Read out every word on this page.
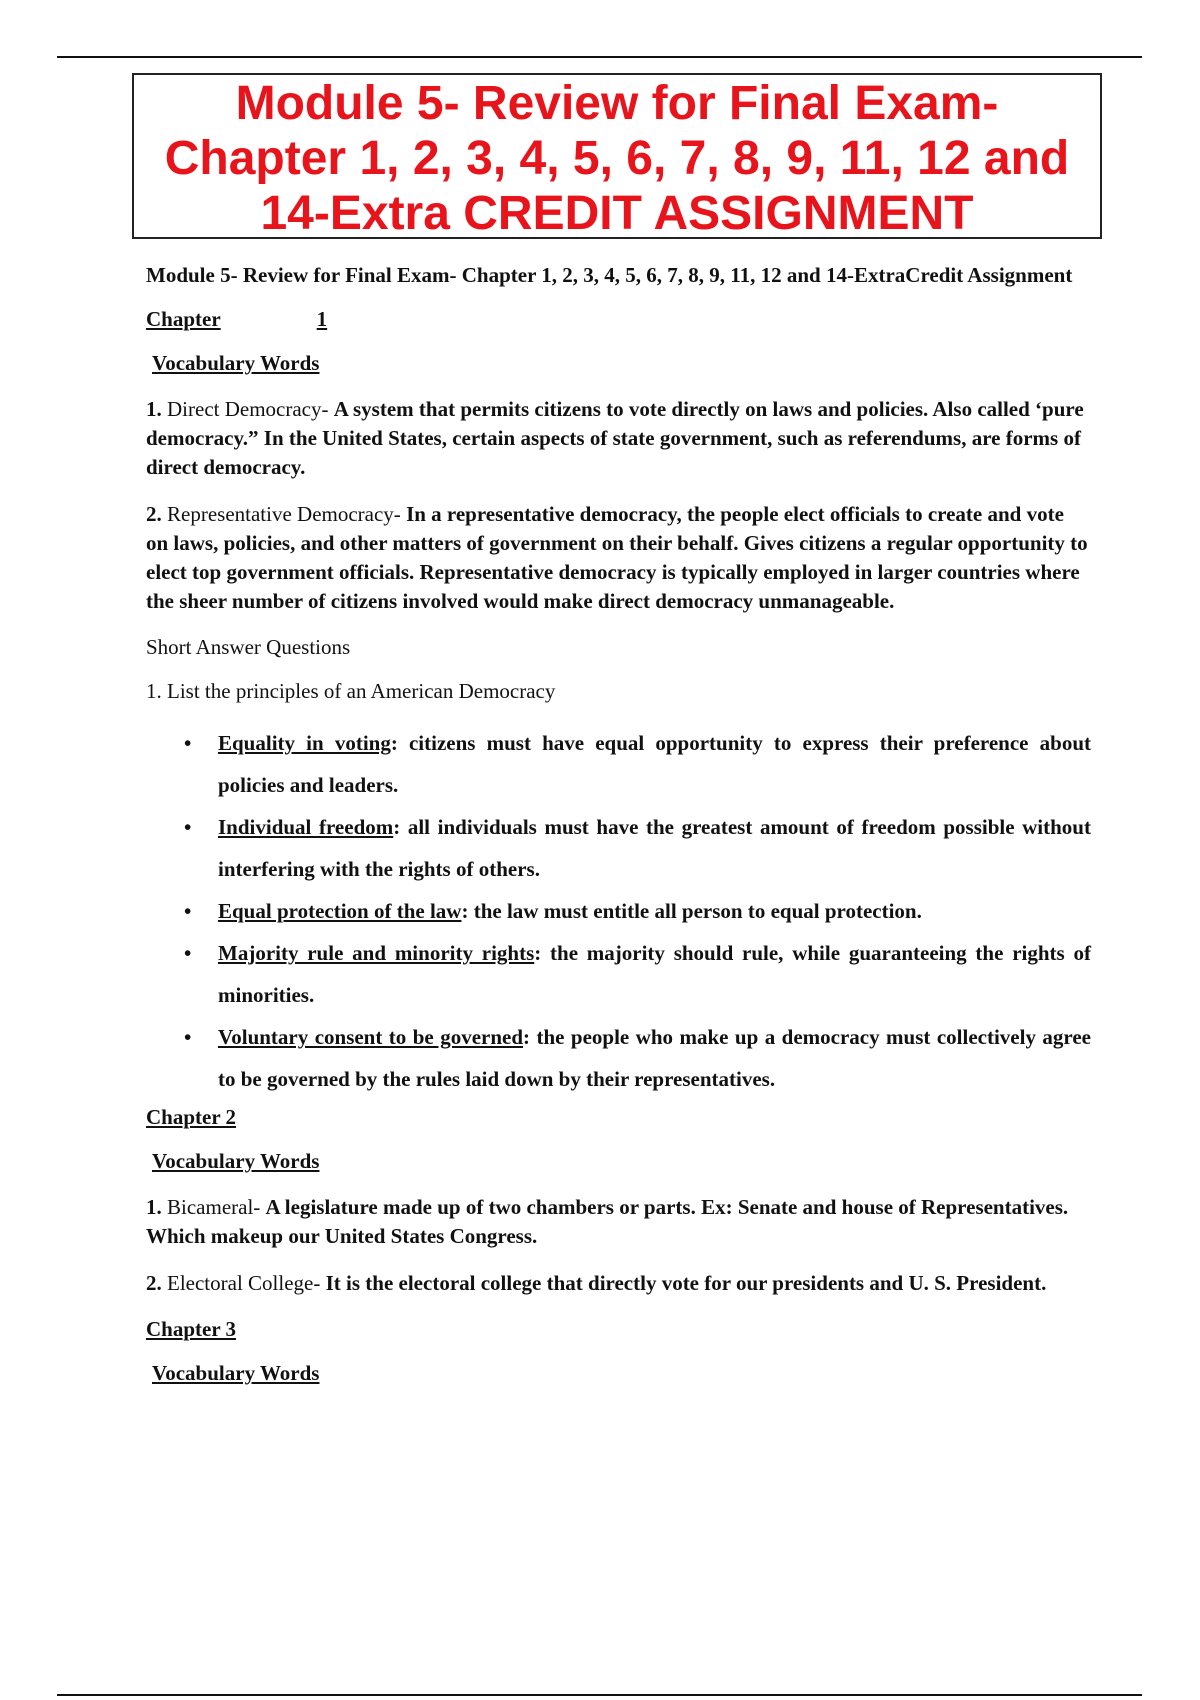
Module 5- Review for Final Exam-

Chapter 1, 2, 3, 4, 5, 6, 7, 8, 9, 11, 12 and

14-Extra CREDIT ASSIGNMENT

Module 5- Review for Final Exam- Chapter 1, 2, 3, 4, 5, 6, 7, 8, 9, 11, 12 and 14-ExtraCredit Assignment

Chapter	1

Vocabulary Words

1. Direct Democracy- A system that permits citizens to vote directly on laws and policies. Also called ‘pure democracy.” In the United States, certain aspects of state government, such as referendums, are forms of direct democracy.

2. Representative Democracy- In a representative democracy, the people elect officials to create and vote on laws, policies, and other matters of government on their behalf. Gives citizens a regular opportunity to elect top government officials. Representative democracy is typically employed in larger countries where the sheer number of citizens involved would make direct democracy unmanageable.

Short Answer Questions

1. List the principles of an American Democracy

• Equality in voting: citizens must have equal opportunity to express their preference about policies and leaders.
• Individual freedom: all individuals must have the greatest amount of freedom possible without interfering with the rights of others.
• Equal protection of the law: the law must entitle all person to equal protection.
• Majority rule and minority rights: the majority should rule, while guaranteeing the rights of minorities.
• Voluntary consent to be governed: the people who make up a democracy must collectively agree to be governed by the rules laid down by their representatives.

Chapter 2

Vocabulary Words

1. Bicameral- A legislature made up of two chambers or parts. Ex: Senate and house of Representatives. Which makeup our United States Congress.

2. Electoral College- It is the electoral college that directly vote for our presidents and U. S. President.

Chapter 3

Vocabulary Words
